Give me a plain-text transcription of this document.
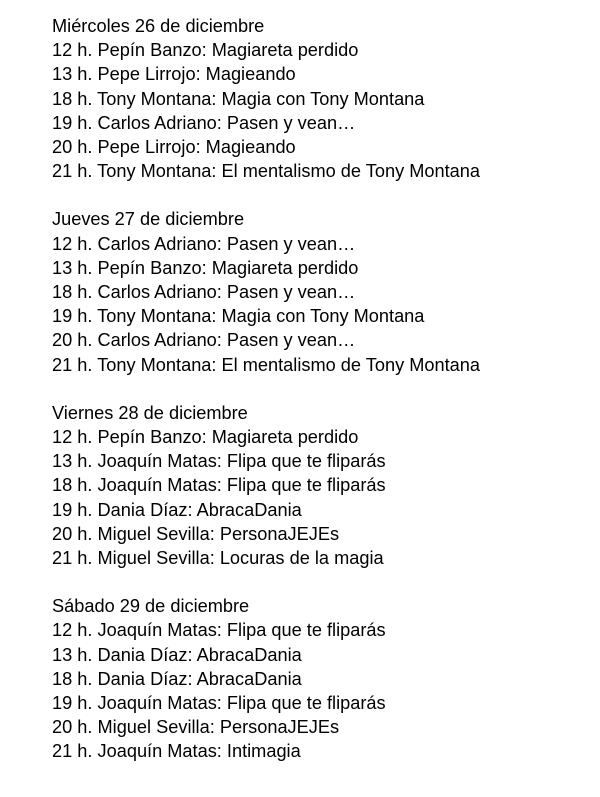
Miércoles 26 de diciembre
12 h. Pepín Banzo: Magiareta perdido
13 h. Pepe Lirrojo: Magieando
18 h. Tony Montana: Magia con Tony Montana
19 h. Carlos Adriano: Pasen y vean…
20 h. Pepe Lirrojo: Magieando
21 h. Tony Montana: El mentalismo de Tony Montana
Jueves 27 de diciembre
12 h. Carlos Adriano: Pasen y vean…
13 h. Pepín Banzo: Magiareta perdido
18 h. Carlos Adriano: Pasen y vean…
19 h. Tony Montana: Magia con Tony Montana
20 h. Carlos Adriano: Pasen y vean…
21 h. Tony Montana: El mentalismo de Tony Montana
Viernes 28 de diciembre
12 h. Pepín Banzo: Magiareta perdido
13 h. Joaquín Matas: Flipa que te fliparás
18 h. Joaquín Matas: Flipa que te fliparás
19 h. Dania Díaz: AbracaDania
20 h. Miguel Sevilla: PersonaJEJEs
21 h. Miguel Sevilla: Locuras de la magia
Sábado 29 de diciembre
12 h. Joaquín Matas: Flipa que te fliparás
13 h. Dania Díaz: AbracaDania
18 h. Dania Díaz: AbracaDania
19 h. Joaquín Matas: Flipa que te fliparás
20 h. Miguel Sevilla: PersonaJEJEs
21 h. Joaquín Matas: Intimagia
